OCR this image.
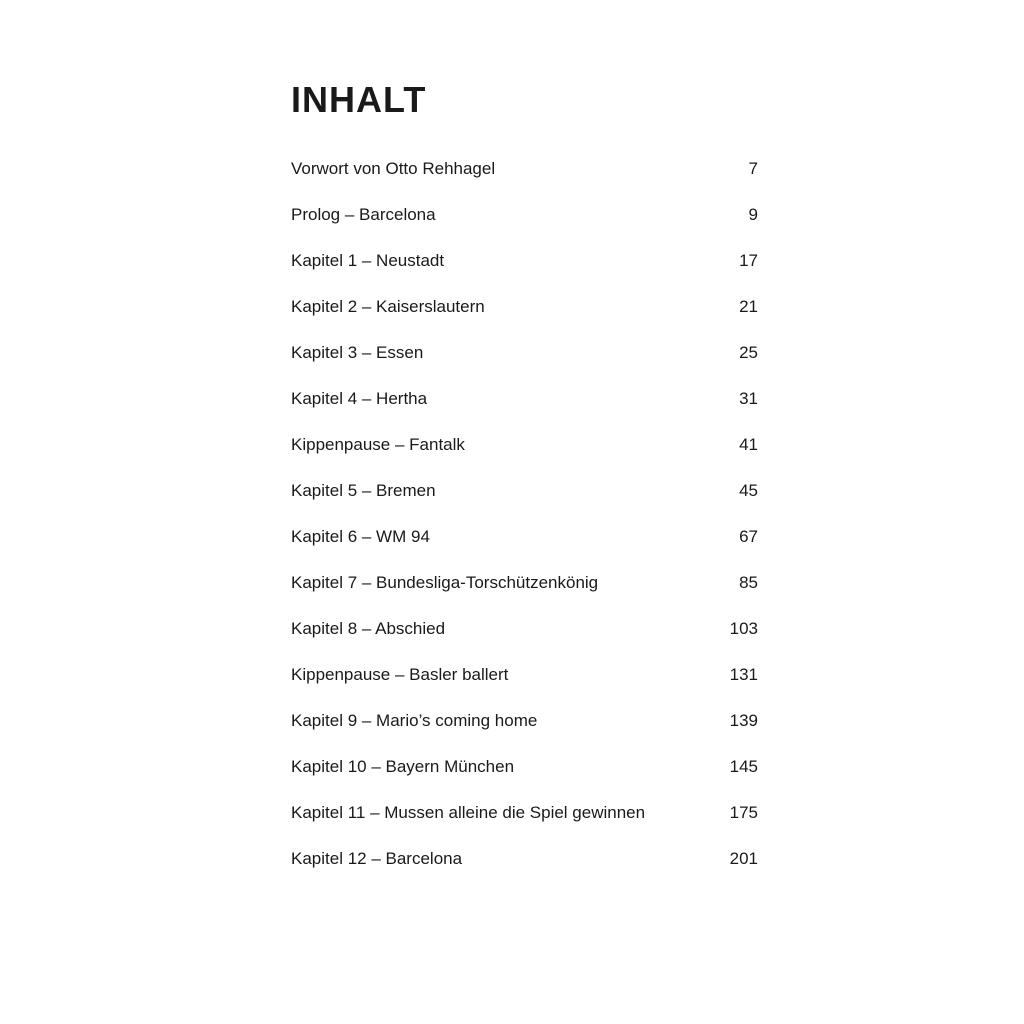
INHALT
Vorwort von Otto Rehhagel	7
Prolog – Barcelona	9
Kapitel 1 – Neustadt	17
Kapitel 2 – Kaiserslautern	21
Kapitel 3 – Essen	25
Kapitel 4 – Hertha	31
Kippenpause – Fantalk	41
Kapitel 5 – Bremen	45
Kapitel 6 – WM 94	67
Kapitel 7 – Bundesliga-Torschützenkönig	85
Kapitel 8 – Abschied	103
Kippenpause – Basler ballert	131
Kapitel 9 – Mario’s coming home	139
Kapitel 10 – Bayern München	145
Kapitel 11 – Mussen alleine die Spiel gewinnen	175
Kapitel 12 – Barcelona	201
